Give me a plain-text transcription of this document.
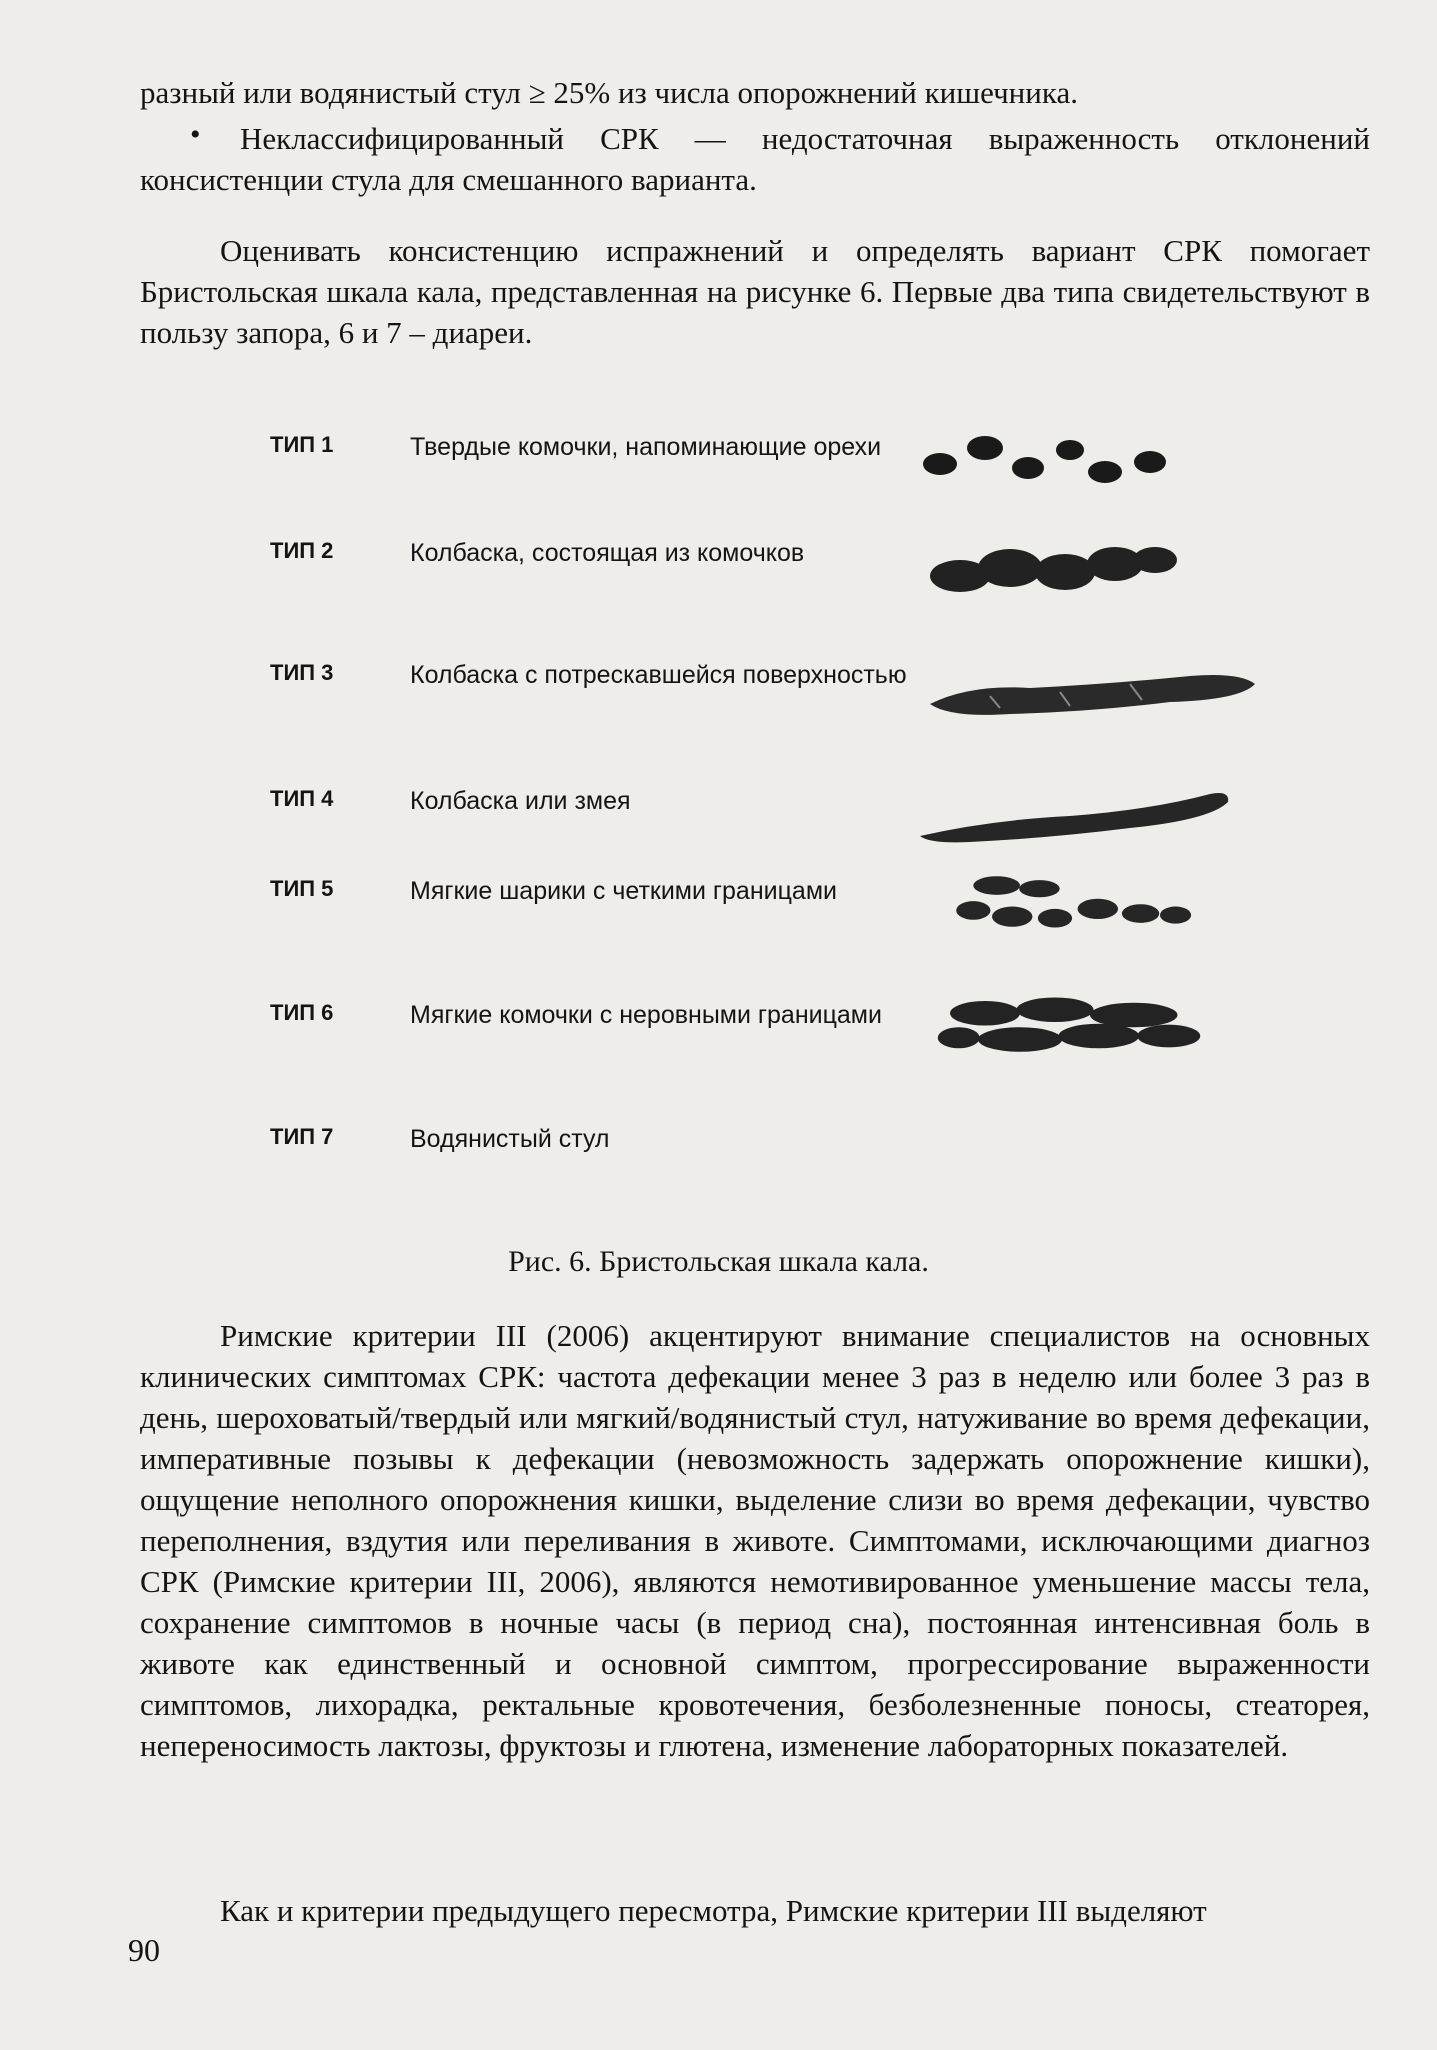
разный или водянистый стул ≥ 25% из числа опорожнений кишечника.

•	Неклассифицированный СРК — недостаточная выраженность отклонений консистенции стула для смешанного варианта.

Оценивать консистенцию испражнений и определять вариант СРК помогает Бристольская шкала кала, представленная на рисунке 6. Первые два типа свидетельствуют в пользу запора, 6 и 7 – диареи.

ТИП 1	Твердые комочки, напоминающие орехи
ТИП 2	Колбаска, состоящая из комочков
ТИП 3	Колбаска с потрескавшейся поверхностью
ТИП 4	Колбаска или змея
ТИП 5	Мягкие шарики с четкими границами
ТИП 6	Мягкие комочки с неровными границами
ТИП 7	Водянистый стул
Рис. 6. Бристольская шкала кала.

Римские критерии III (2006) акцентируют внимание специалистов на основных клинических симптомах СРК: частота дефекации менее 3 раз в неделю или более 3 раз в день, шероховатый/твердый или мягкий/водянистый стул, натуживание во время дефекации, императивные позывы к дефекации (невозможность задержать опорожнение кишки), ощущение неполного опорожнения кишки, выделение слизи во время дефекации, чувство переполнения, вздутия или переливания в животе. Симптомами, исключающими диагноз СРК (Римские критерии III, 2006), являются немотивированное уменьшение массы тела, сохранение симптомов в ночные часы (в период сна), постоянная интенсивная боль в животе как единственный и основной симптом, прогрессирование выраженности симптомов, лихорадка, ректальные кровотечения, безболезненные поносы, стеаторея, непереносимость лактозы, фруктозы и глютена, изменение лабораторных показателей.

Как и критерии предыдущего пересмотра, Римские критерии III выделяют

90
